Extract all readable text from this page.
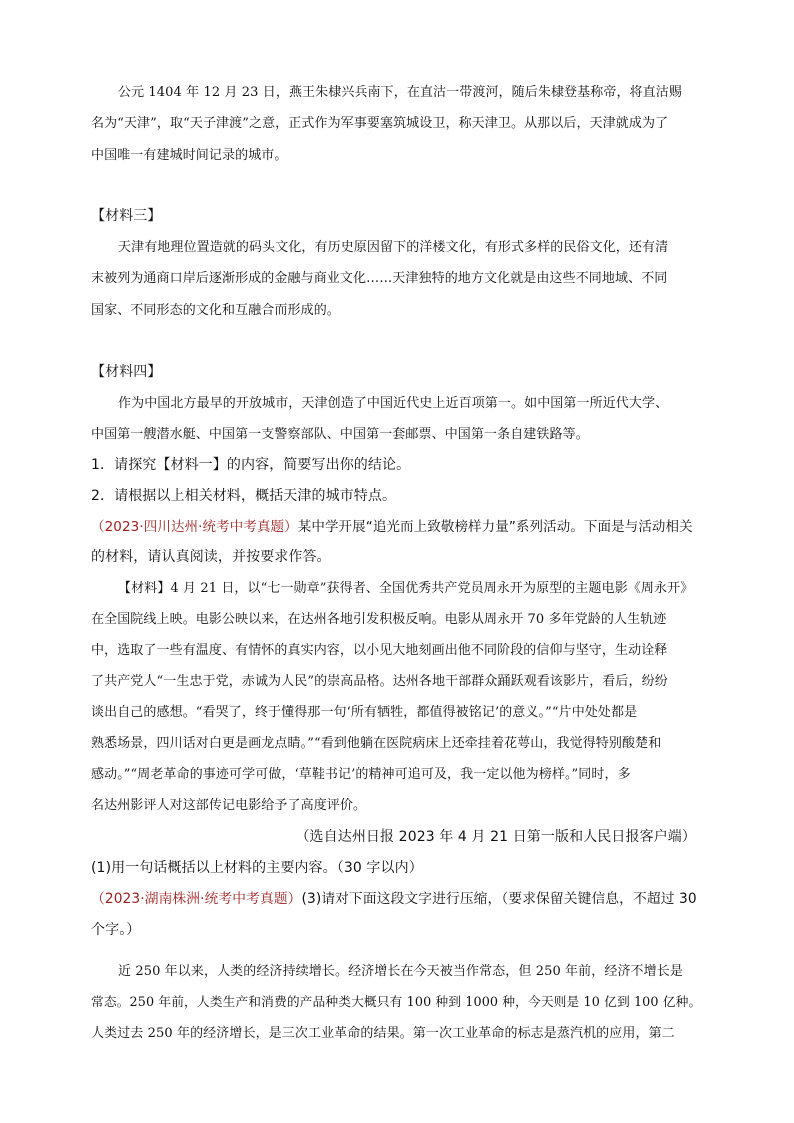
公元 1404 年 12 月 23 日，燕王朱棣兴兵南下，在直沽一带渡河，随后朱棣登基称帝，将直沽赐
名为“天津”，取“天子津渡”之意，正式作为军事要塞筑城设卫，称天津卫。从那以后，天津就成为了
中国唯一有建城时间记录的城市。
【材料三】
天津有地理位置造就的码头文化，有历史原因留下的洋楼文化，有形式多样的民俗文化，还有清
末被列为通商口岸后逐渐形成的金融与商业文化……天津独特的地方文化就是由这些不同地域、不同
国家、不同形态的文化和互融合而形成的。
【材料四】
作为中国北方最早的开放城市，天津创造了中国近代史上近百项第一。如中国第一所近代大学、
中国第一艘潜水艇、中国第一支警察部队、中国第一套邮票、中国第一条自建铁路等。
1．请探究【材料一】的内容，简要写出你的结论。
2．请根据以上相关材料，概括天津的城市特点。
（2023·四川达州·统考中考真题）某中学开展“追光而上致敬榜样力量”系列活动。下面是与活动相关
的材料，请认真阅读，并按要求作答。
【材料】4 月 21 日，以“七一勋章”获得者、全国优秀共产党员周永开为原型的主题电影《周永开》
在全国院线上映。电影公映以来，在达州各地引发积极反响。电影从周永开 70 多年党龄的人生轨迹
中，选取了一些有温度、有情怀的真实内容，以小见大地刻画出他不同阶段的信仰与坚守，生动诠释
了共产党人“一生忠于党，赤诚为人民”的崇高品格。达州各地干部群众踊跃观看该影片，看后，纷纷
谈出自己的感想。“看哭了，终于懂得那一句‘所有牺牲，都值得被铭记’的意义。”“片中处处都是
熟悉场景，四川话对白更是画龙点睛。”“看到他躺在医院病床上还牵挂着花萼山，我觉得特别酸楚和
感动。”“周老革命的事迹可学可做，‘草鞋书记’的精神可追可及，我一定以他为榜样。”同时，多
名达州影评人对这部传记电影给予了高度评价。
（选自达州日报 2023 年 4 月 21 日第一版和人民日报客户端）
(1)用一句话概括以上材料的主要内容。（30 字以内）
（2023·湖南株洲·统考中考真题）(3)请对下面这段文字进行压缩，（要求保留关键信息，不超过 30
个字。）
近 250 年以来，人类的经济持续增长。经济增长在今天被当作常态，但 250 年前，经济不增长是
常态。250 年前，人类生产和消费的产品种类大概只有 100 种到 1000 种，今天则是 10 亿到 100 亿种。
人类过去 250 年的经济增长，是三次工业革命的结果。第一次工业革命的标志是蒸汽机的应用，第二
